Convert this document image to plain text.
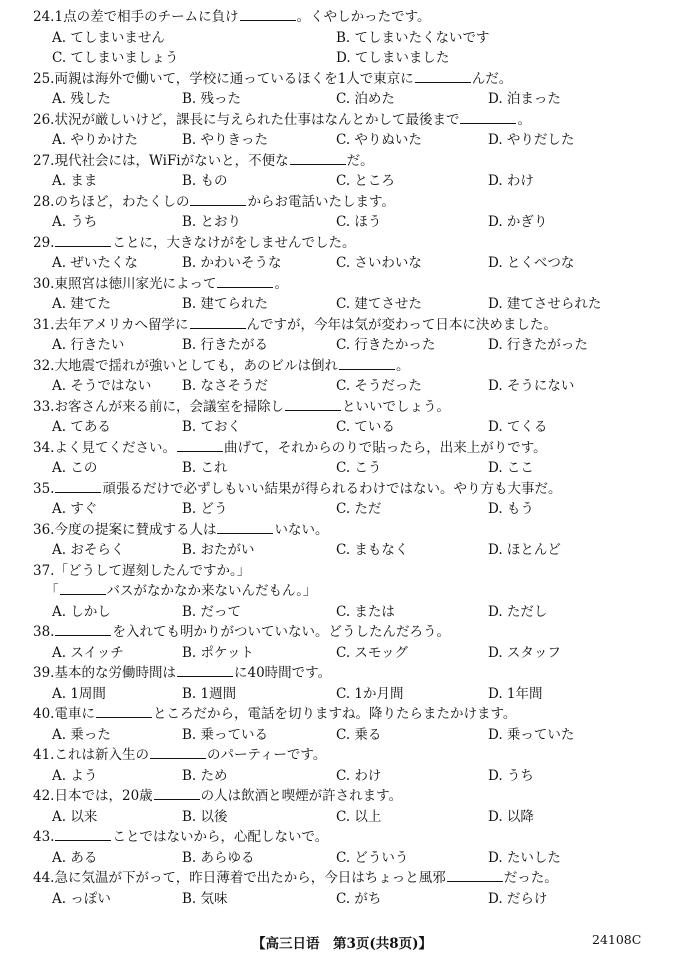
24.1点の差で相手のチームに負け	。くやしかったです。
A. てしまいません	B. てしまいたくないです
C. てしまいましょう	D. てしまいました
25.両親は海外で働いて，学校に通っているほくを1人で東京に	んだ。
A. 残した	B. 残った	C. 泊めた	D. 泊まった
26.状況が厳しいけど，課長に与えられた仕事はなんとかして最後まで	。
A. やりかけた	B. やりきった	C. やりぬいた	D. やりだした
27.現代社会には，WiFiがないと，不便な	だ。
A. まま	B. もの	C. ところ	D. わけ
28.のちほど，わたくしの	からお電話いたします。
A. うち	B. とおり	C. ほう	D. かぎり
29.	ことに，大きなけがをしませんでした。
A. ぜいたくな	B. かわいそうな	C. さいわいな	D. とくべつな
30.東照宮は徳川家光によって	。
A. 建てた	B. 建てられた	C. 建てさせた	D. 建てさせられた
31.去年アメリカへ留学に	んですが，今年は気が変わって日本に決めました。
A. 行きたい	B. 行きたがる	C. 行きたかった	D. 行きたがった
32.大地震で揺れが強いとしても，あのビルは倒れ	。
A. そうではない B. なさそうだ	C. そうだった	D. そうにない
33.お客さんが来る前に，会議室を掃除し	といいでしょう。
A. てある	B. ておく	C. ている	D. てくる
34.よく見てください。	曲げて，それからのりで貼ったら，出来上がりです。
A. この	B. これ	C. こう	D. ここ
35.	頑張るだけで必ずしもいい結果が得られるわけではない。やり方も大事だ。
A. すぐ	B. どう	C. ただ	D. もう
36.今度の提案に賛成する人は	いない。
A. おそらく	B. おたがい	C. まもなく	D. ほとんど
37.「どうして遅刻したんですか。」
「	バスがなかなか来ないんだもん。」
A. しかし	B. だって	C. または	D. ただし
38.	を入れても明かりがついていない。どうしたんだろう。
A. スイッチ	B. ポケット	C. スモッグ	D. スタッフ
39.基本的な労働時間は	に40時間です。
A. 1周間	B. 1週間	C. 1か月間	D. 1年間
40.電車に	ところだから，電話を切りますね。降りたらまたかけます。
A. 乗った	B. 乗っている	C. 乗る	D. 乗っていた
41.これは新入生の	のパーティーです。
A. よう	B. ため	C. わけ	D. うち
42.日本では，20歳	の人は飲酒と喫煙が許されます。
A. 以来	B. 以後	C. 以上	D. 以降
43.	ことではないから，心配しないで。
A. ある	B. あらゆる	C. どういう	D. たいした
44.急に気温が下がって，昨日薄着で出たから，今日はちょっと風邪	だった。
A. っぽい	B. 気味	C. がち	D. だらけ
【高三日语　第3页(共8页)】	24108C
